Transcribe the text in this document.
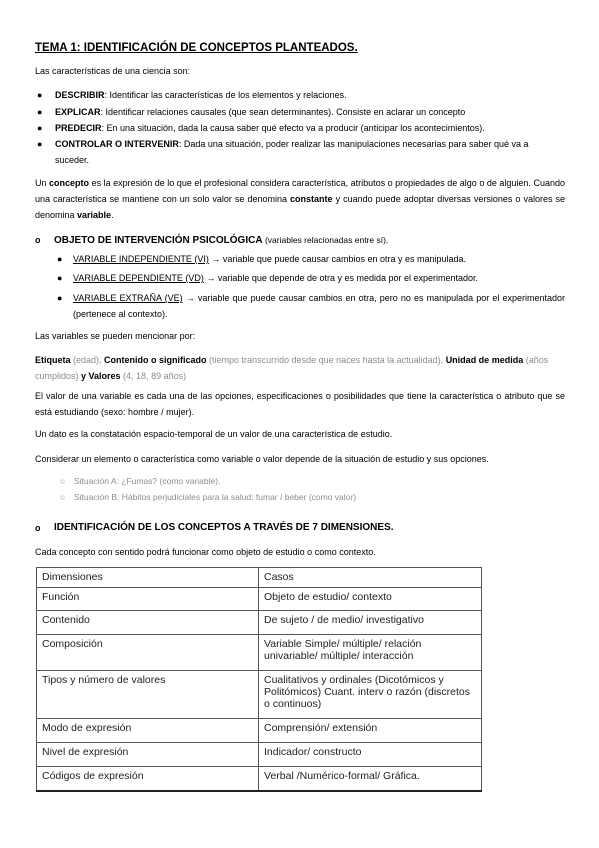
TEMA 1: IDENTIFICACIÓN DE CONCEPTOS PLANTEADOS.
Las características de una ciencia son:
● DESCRIBIR: Identificar las características de los elementos y relaciones.
● EXPLICAR: Identificar relaciones causales (que sean determinantes). Consiste en aclarar un concepto
● PREDECIR: En una situación, dada la causa saber qué efecto va a producir (anticipar los acontecimientos).
● CONTROLAR O INTERVENIR: Dada una situación, poder realizar las manipulaciones necesarias para saber qué va a suceder.
Un concepto es la expresión de lo que el profesional considera característica, atributos o propiedades de algo o de alguien. Cuando una característica se mantiene con un solo valor se denomina constante y cuando puede adoptar diversas versiones o valores se denomina variable.
o OBJETO DE INTERVENCIÓN PSICOLÓGICA (variables relacionadas entre sí).
● VARIABLE INDEPENDIENTE (VI) → variable que puede causar cambios en otra y es manipulada.
● VARIABLE DEPENDIENTE (VD) → variable que depende de otra y es medida por el experimentador.
● VARIABLE EXTRAÑA (VE) → variable que puede causar cambios en otra, pero no es manipulada por el experimentador (pertenece al contexto).
Las variables se pueden mencionar por:
Etiqueta (edad), Contenido o significado (tiempo transcurrido desde que naces hasta la actualidad), Unidad de medida (años cumplidos) y Valores (4, 18, 89 años)
El valor de una variable es cada una de las opciones, especificaciones o posibilidades que tiene la característica o atributo que se está estudiando (sexo: hombre / mujer).
Un dato es la constatación espacio-temporal de un valor de una característica de estudio.
Considerar un elemento o característica como variable o valor depende de la situación de estudio y sus opciones.
○ Situación A: ¿Fumas? (como variable).
○ Situación B: Hábitos perjudiciales para la salud: fumar / beber (como valor)
o IDENTIFICACIÓN DE LOS CONCEPTOS A TRAVÉS DE 7 DIMENSIONES.
Cada concepto con sentido podrá funcionar como objeto de estudio o como contexto.
Dimensiones	Casos
Función	Objeto de estudio/ contexto
Contenido	De sujeto / de medio/ investigativo
Composición	Variable Simple/ múltiple/ relación univariable/ múltiple/ interacción
Tipos y número de valores	Cualitativos y ordinales (Dicotómicos y Politómicos) Cuant. interv o razón (discretos o continuos)
Modo de expresión	Comprensión/ extensión
Nivel de expresión	Indicador/ constructo
Códigos de expresión	Verbal /Numérico-formal/ Gráfica.
